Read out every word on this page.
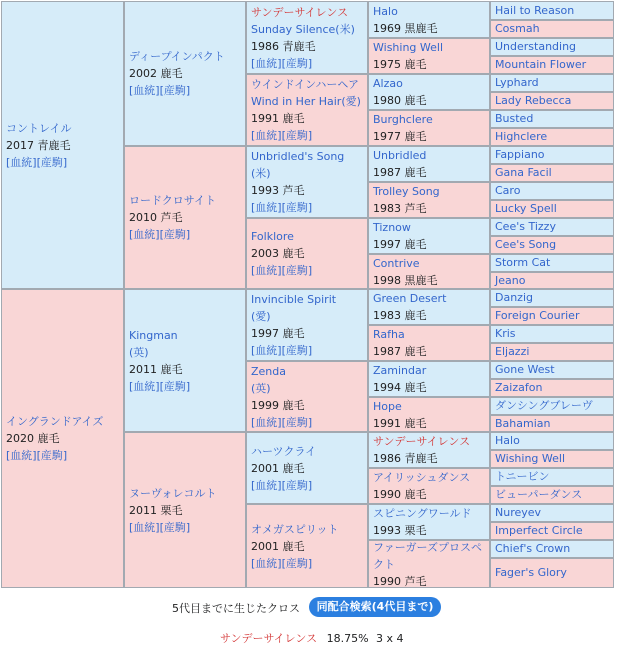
コントレイル
2017 青鹿毛
[血統][産駒]
イングランドアイズ
2020 鹿毛
[血統][産駒]
ディープインパクト
2002 鹿毛
[血統][産駒]
ロードクロサイト
2010 芦毛
[血統][産駒]
Kingman
(英)
2011 鹿毛
[血統][産駒]
ヌーヴォレコルト
2011 栗毛
[血統][産駒]
サンデーサイレンス
Sunday Silence(米)
1986 青鹿毛
[血統][産駒]
ウインドインハーヘア
Wind in Her Hair(愛)
1991 鹿毛
[血統][産駒]
Unbridled's Song
(米)
1993 芦毛
[血統][産駒]
Folklore
2003 鹿毛
[血統][産駒]
Invincible Spirit
(愛)
1997 鹿毛
[血統][産駒]
Zenda
(英)
1999 鹿毛
[血統][産駒]
ハーツクライ
2001 鹿毛
[血統][産駒]
オメガスピリット
2001 鹿毛
[血統][産駒]
Halo
1969 黒鹿毛
Wishing Well
1975 鹿毛
Alzao
1980 鹿毛
Burghclere
1977 鹿毛
Unbridled
1987 鹿毛
Trolley Song
1983 芦毛
Tiznow
1997 鹿毛
Contrive
1998 黒鹿毛
Green Desert
1983 鹿毛
Rafha
1987 鹿毛
Zamindar
1994 鹿毛
Hope
1991 鹿毛
サンデーサイレンス
1986 青鹿毛
アイリッシュダンス
1990 鹿毛
スピニングワールド
1993 栗毛
ファーガーズプロスペクト
1990 芦毛
Hail to Reason
Cosmah
Understanding
Mountain Flower
Lyphard
Lady Rebecca
Busted
Highclere
Fappiano
Gana Facil
Caro
Lucky Spell
Cee's Tizzy
Cee's Song
Storm Cat
Jeano
Danzig
Foreign Courier
Kris
Eljazzi
Gone West
Zaizafon
ダンシングブレーヴ
Bahamian
Halo
Wishing Well
トニービン
ビューパーダンス
Nureyev
Imperfect Circle
Chief's Crown
Fager's Glory
5代目までに生じたクロス	同配合検索(4代目まで)
サンデーサイレンス 18.75% 3 x 4
